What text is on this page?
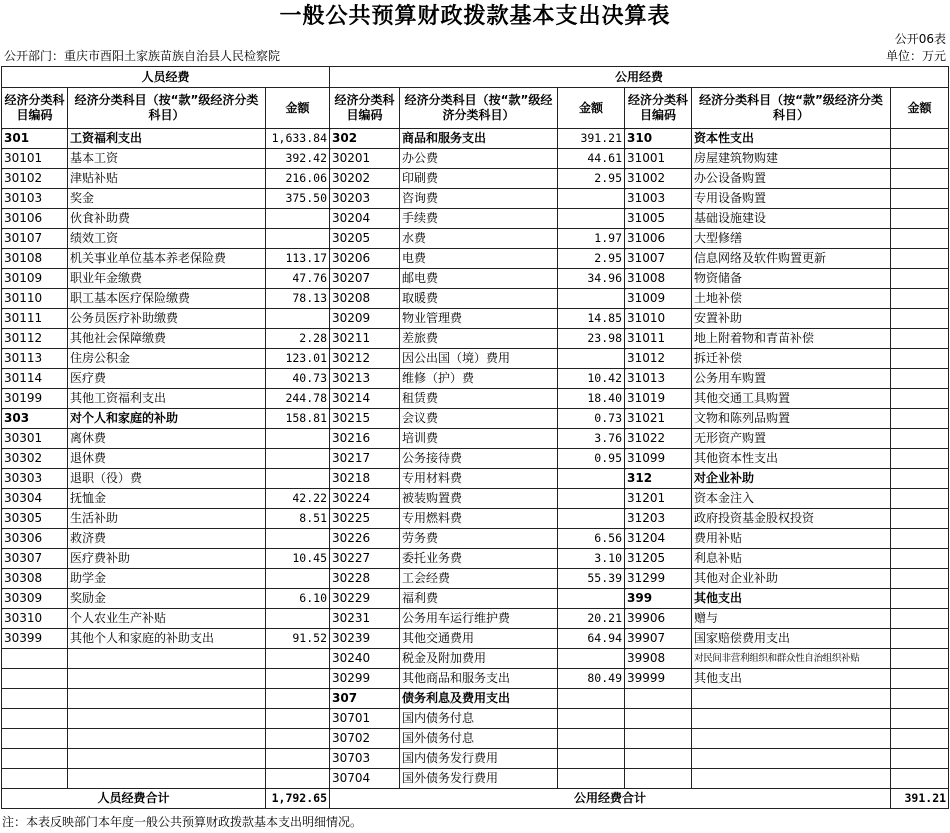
一般公共预算财政拨款基本支出决算表
公开06表
公开部门：重庆市酉阳土家族苗族自治县人民检察院	单位：万元
人员经费			公用经费					
经济分类科目编码	经济分类科目（按“款”级经济分类科目）	金额	经济分类科目编码	经济分类科目（按“款”级经济分类科目）	金额	经济分类科目编码	经济分类科目（按“款”级经济分类科目）	金额
301	工资福利支出	1,633.84	302	商品和服务支出	391.21	310	资本性支出	
30101	基本工资	392.42	30201	办公费	44.61	31001	房屋建筑物购建	
30102	津贴补贴	216.06	30202	印刷费	2.95	31002	办公设备购置	
30103	奖金	375.50	30203	咨询费		31003	专用设备购置	
30106	伙食补助费		30204	手续费		31005	基础设施建设	
30107	绩效工资		30205	水费	1.97	31006	大型修缮	
30108	机关事业单位基本养老保险费	113.17	30206	电费	2.95	31007	信息网络及软件购置更新	
30109	职业年金缴费	47.76	30207	邮电费	34.96	31008	物资储备	
30110	职工基本医疗保险缴费	78.13	30208	取暖费		31009	土地补偿	
30111	公务员医疗补助缴费		30209	物业管理费	14.85	31010	安置补助	
30112	其他社会保障缴费	2.28	30211	差旅费	23.98	31011	地上附着物和青苗补偿	
30113	住房公积金	123.01	30212	因公出国（境）费用		31012	拆迁补偿	
30114	医疗费	40.73	30213	维修（护）费	10.42	31013	公务用车购置	
30199	其他工资福利支出	244.78	30214	租赁费	18.40	31019	其他交通工具购置	
303	对个人和家庭的补助	158.81	30215	会议费	0.73	31021	文物和陈列品购置	
30301	离休费		30216	培训费	3.76	31022	无形资产购置	
30302	退休费		30217	公务接待费	0.95	31099	其他资本性支出	
30303	退职（役）费		30218	专用材料费		312	对企业补助	
30304	抚恤金	42.22	30224	被装购置费		31201	资本金注入	
30305	生活补助	8.51	30225	专用燃料费		31203	政府投资基金股权投资	
30306	救济费		30226	劳务费	6.56	31204	费用补贴	
30307	医疗费补助	10.45	30227	委托业务费	3.10	31205	利息补贴	
30308	助学金		30228	工会经费	55.39	31299	其他对企业补助	
30309	奖励金	6.10	30229	福利费		399	其他支出	
30310	个人农业生产补贴		30231	公务用车运行维护费	20.21	39906	赠与	
30399	其他个人和家庭的补助支出	91.52	30239	其他交通费用	64.94	39907	国家赔偿费用支出	
			30240	税金及附加费用		39908	对民间非营利组织和群众性自治组织补贴	
			30299	其他商品和服务支出	80.49	39999	其他支出	
			307	债务利息及费用支出				
			30701	国内债务付息				
			30702	国外债务付息				
			30703	国内债务发行费用				
			30704	国外债务发行费用				
人员经费合计		1,792.65	公用经费合计					391.21
注：本表反映部门本年度一般公共预算财政拨款基本支出明细情况。
